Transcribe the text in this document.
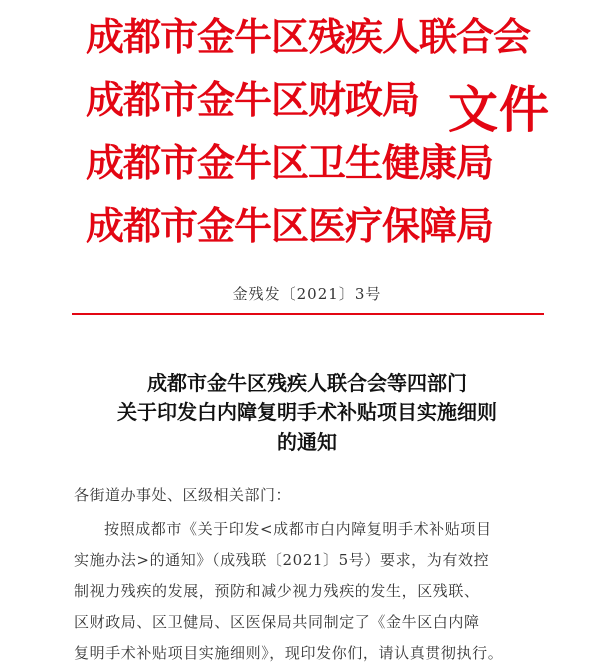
成都市金牛区残疾人联合会
成都市金牛区财政局
成都市金牛区卫生健康局
成都市金牛区医疗保障局
文件
金残发〔2021〕3号
成都市金牛区残疾人联合会等四部门
关于印发白内障复明手术补贴项目实施细则
的通知
各街道办事处、区级相关部门：
按照成都市《关于印发<成都市白内障复明手术补贴项目
实施办法>的通知》（成残联〔2021〕5号）要求，为有效控
制视力残疾的发展，预防和减少视力残疾的发生，区残联、
区财政局、区卫健局、区医保局共同制定了《金牛区白内障
复明手术补贴项目实施细则》，现印发你们，请认真贯彻执行。
